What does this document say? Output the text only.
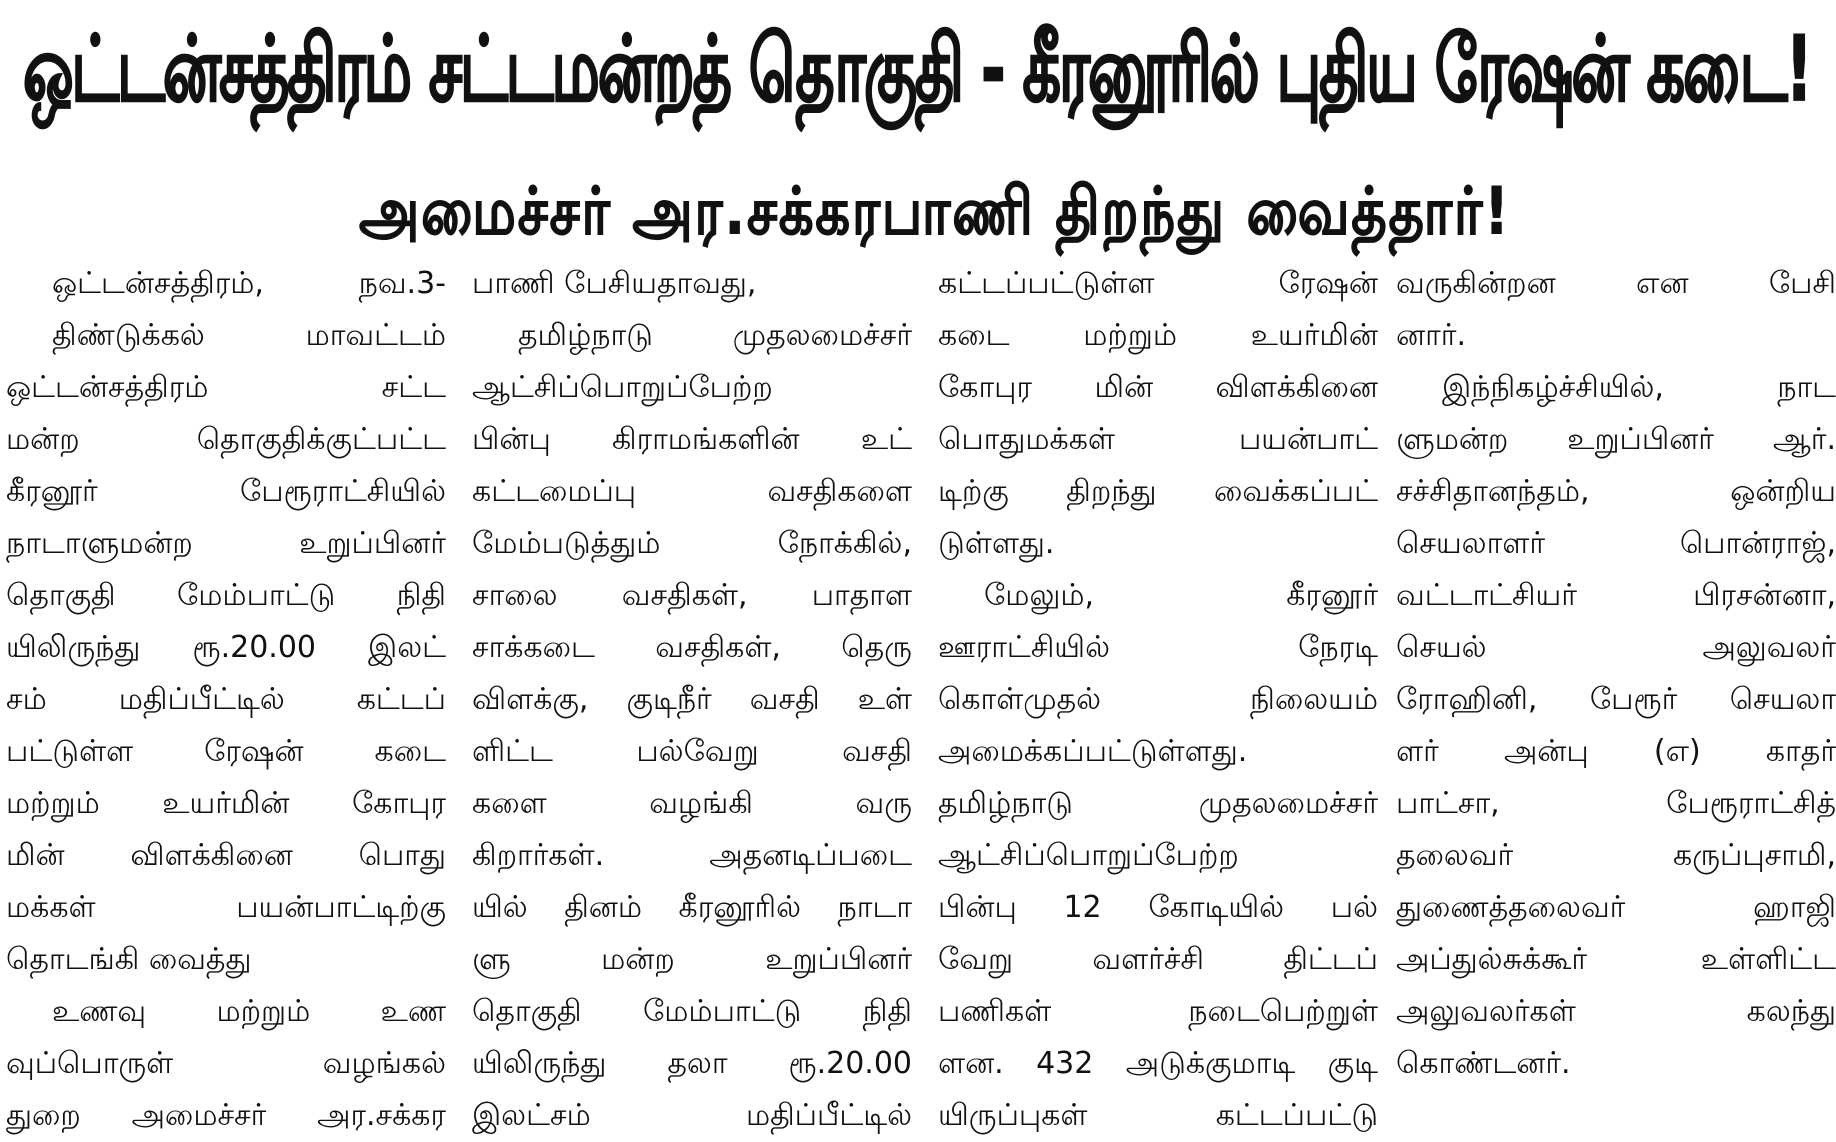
ஒட்டன்சத்திரம் சட்டமன்றத் தொகுதி - கீரனூரில் புதிய ரேஷன் கடை!
அமைச்சர் அர.சக்கரபாணி திறந்து வைத்தார்!

ஒட்டன்சத்திரம், நவ.3-

திண்டுக்கல் மாவட்டம்

ஒட்டன்சத்திரம் சட்ட

மன்ற தொகுதிக்குட்பட்ட

கீரனூர் பேரூராட்சியில்

நாடாளுமன்ற உறுப்பினர்

தொகுதி மேம்பாட்டு நிதி

யிலிருந்து ரூ.20.00 இலட்

சம் மதிப்பீட்டில் கட்டப்

பட்டுள்ள ரேஷன் கடை

மற்றும் உயர்மின் கோபுர

மின் விளக்கினை பொது

மக்கள் பயன்பாட்டிற்கு

தொடங்கி வைத்து

உணவு மற்றும் உண

வுப்பொருள் வழங்கல்

துறை அமைச்சர் அர.சக்கர

பாணி பேசியதாவது,

தமிழ்நாடு முதலமைச்சர்

ஆட்சிப்பொறுப்பேற்ற

பின்பு கிராமங்களின் உட்

கட்டமைப்பு வசதிகளை

மேம்படுத்தும் நோக்கில்,

சாலை வசதிகள், பாதாள

சாக்கடை வசதிகள், தெரு

விளக்கு, குடிநீர் வசதி உள்

ளிட்ட பல்வேறு வசதி

களை வழங்கி வரு

கிறார்கள். அதனடிப்படை

யில் தினம் கீரனூரில் நாடா

ளு மன்ற உறுப்பினர்

தொகுதி மேம்பாட்டு நிதி

யிலிருந்து தலா ரூ.20.00

இலட்சம் மதிப்பீட்டில்

கட்டப்பட்டுள்ள ரேஷன்

கடை மற்றும் உயர்மின்

கோபுர மின் விளக்கினை

பொதுமக்கள் பயன்பாட்

டிற்கு திறந்து வைக்கப்பட்

டுள்ளது.

மேலும், கீரனூர்

ஊராட்சியில் நேரடி

கொள்முதல் நிலையம்

அமைக்கப்பட்டுள்ளது.

தமிழ்நாடு முதலமைச்சர்

ஆட்சிப்பொறுப்பேற்ற

பின்பு 12 கோடியில் பல்

வேறு வளர்ச்சி திட்டப்

பணிகள் நடைபெற்றுள்

ளன. 432 அடுக்குமாடி குடி

யிருப்புகள் கட்டப்பட்டு

வருகின்றன என பேசி

னார்.

இந்நிகழ்ச்சியில், நாட

ளுமன்ற உறுப்பினர் ஆர்.

சச்சிதானந்தம், ஒன்றிய

செயலாளர் பொன்ராஜ்,

வட்டாட்சியர் பிரசன்னா,

செயல் அலுவலர்

ரோஹினி, பேரூர் செயலா

ளர் அன்பு (எ) காதர்

பாட்சா, பேரூராட்சித்

தலைவர் கருப்புசாமி,

துணைத்தலைவர் ஹாஜி

அப்துல்சுக்கூர் உள்ளிட்ட

அலுவலர்கள் கலந்து

கொண்டனர்.
